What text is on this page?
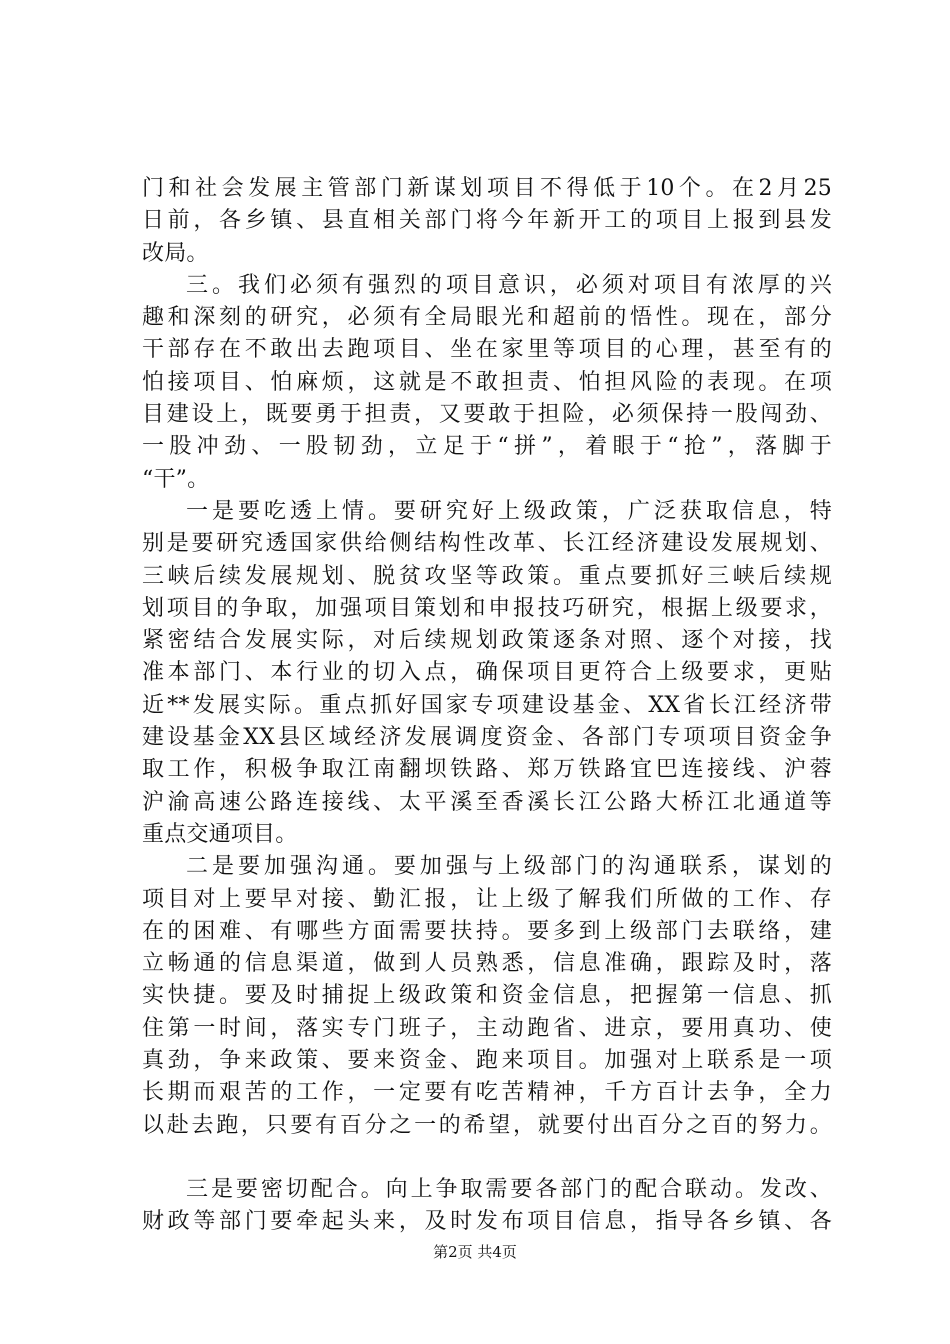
门和社会发展主管部门新谋划项目不得低于10个。在2月25
日前，各乡镇、县直相关部门将今年新开工的项目上报到县发
改局。
三。我们必须有强烈的项目意识，必须对项目有浓厚的兴
趣和深刻的研究，必须有全局眼光和超前的悟性。现在，部分
干部存在不敢出去跑项目、坐在家里等项目的心理，甚至有的
怕接项目、怕麻烦，这就是不敢担责、怕担风险的表现。在项
目建设上，既要勇于担责，又要敢于担险，必须保持一股闯劲、
一股冲劲、一股韧劲，立足于“拼”，着眼于“抢”，落脚于
“干”。
一是要吃透上情。要研究好上级政策，广泛获取信息，特
别是要研究透国家供给侧结构性改革、长江经济建设发展规划、
三峡后续发展规划、脱贫攻坚等政策。重点要抓好三峡后续规
划项目的争取，加强项目策划和申报技巧研究，根据上级要求，
紧密结合发展实际，对后续规划政策逐条对照、逐个对接，找
准本部门、本行业的切入点，确保项目更符合上级要求，更贴
近**发展实际。重点抓好国家专项建设基金、XX省长江经济带
建设基金XX县区域经济发展调度资金、各部门专项项目资金争
取工作，积极争取江南翻坝铁路、郑万铁路宜巴连接线、沪蓉
沪渝高速公路连接线、太平溪至香溪长江公路大桥江北通道等
重点交通项目。
二是要加强沟通。要加强与上级部门的沟通联系，谋划的
项目对上要早对接、勤汇报，让上级了解我们所做的工作、存
在的困难、有哪些方面需要扶持。要多到上级部门去联络，建
立畅通的信息渠道，做到人员熟悉，信息准确，跟踪及时，落
实快捷。要及时捕捉上级政策和资金信息，把握第一信息、抓
住第一时间，落实专门班子，主动跑省、进京，要用真功、使
真劲，争来政策、要来资金、跑来项目。加强对上联系是一项
长期而艰苦的工作，一定要有吃苦精神，千方百计去争，全力
以赴去跑，只要有百分之一的希望，就要付出百分之百的努力。
三是要密切配合。向上争取需要各部门的配合联动。发改、
财政等部门要牵起头来，及时发布项目信息，指导各乡镇、各
第2页 共4页
